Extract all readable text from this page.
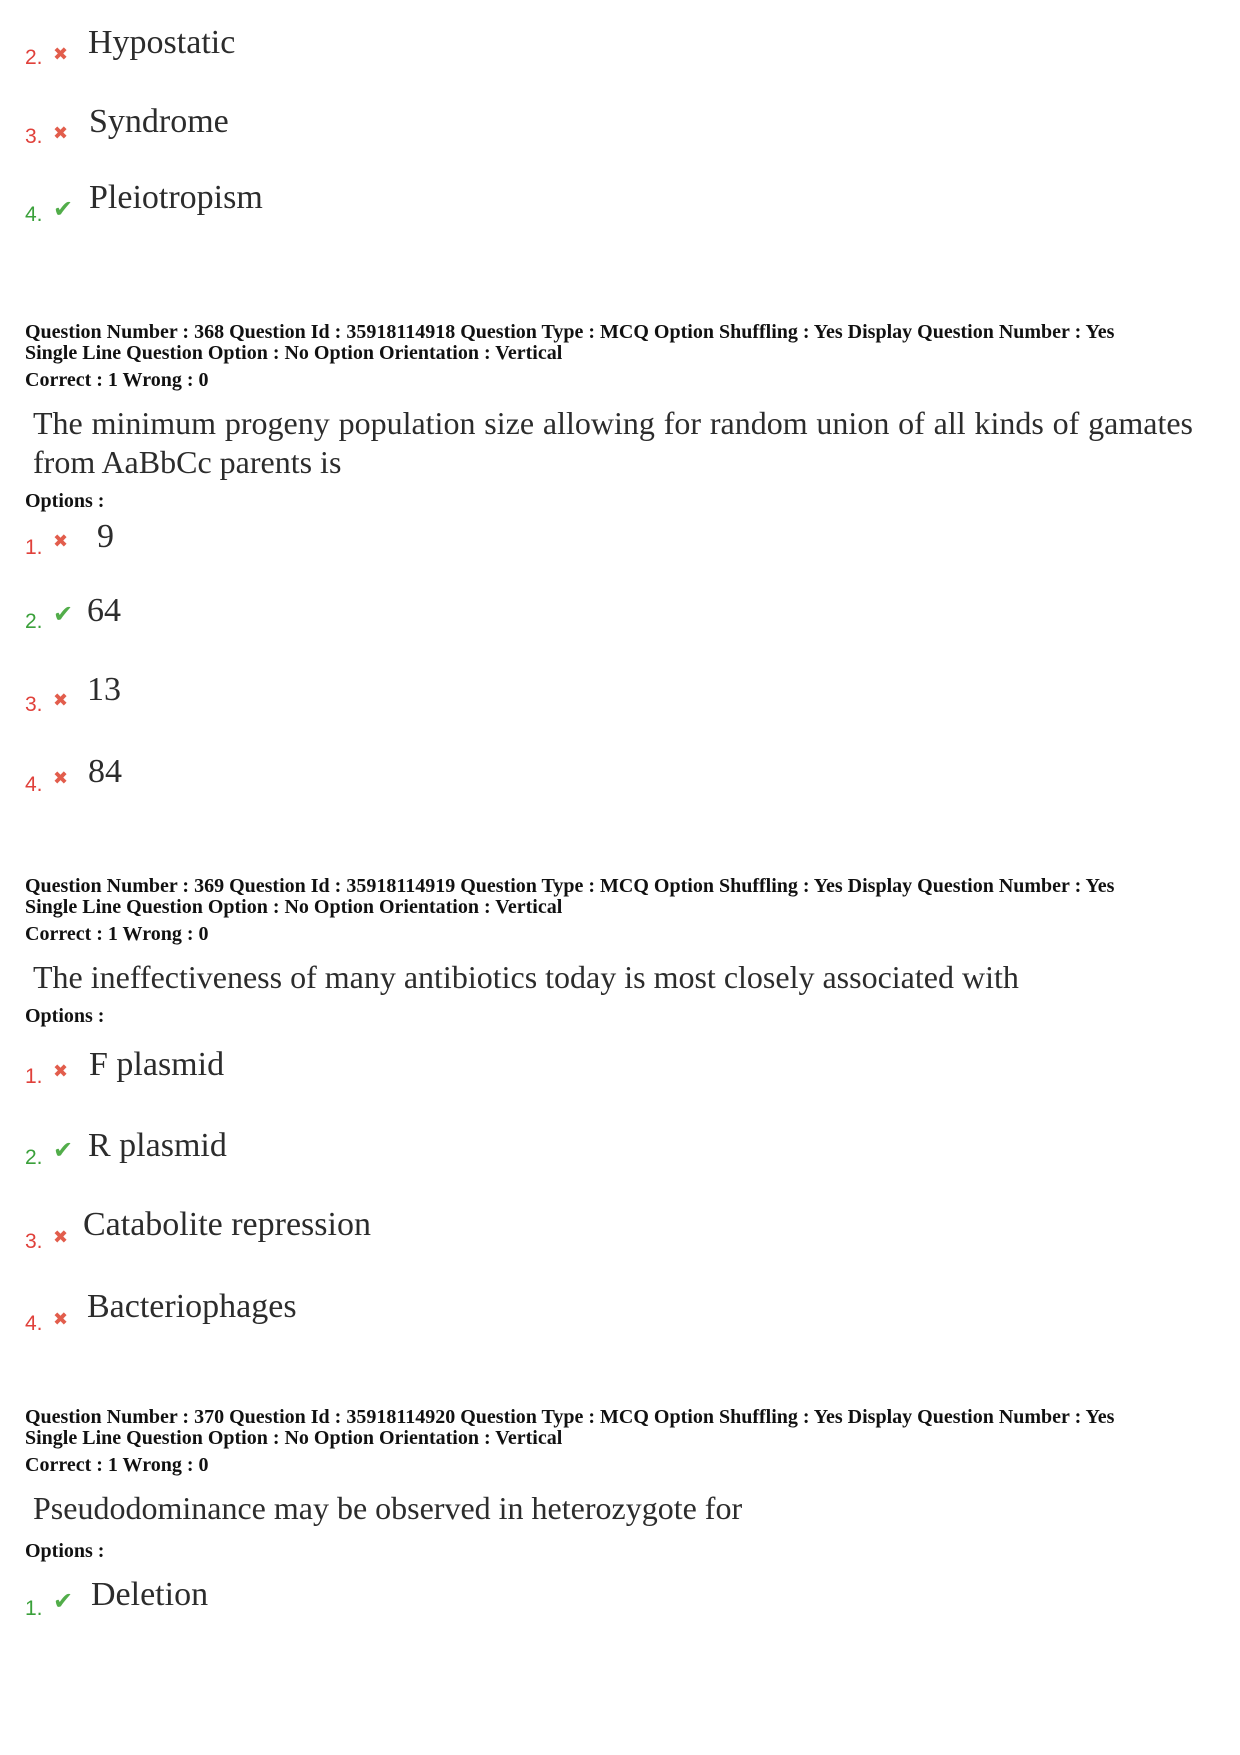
2. ✖ Hypostatic
3. ✖ Syndrome
4. ✔ Pleiotropism
Question Number : 368 Question Id : 35918114918 Question Type : MCQ Option Shuffling : Yes Display Question Number : Yes
Single Line Question Option : No Option Orientation : Vertical
Correct : 1 Wrong : 0
The minimum progeny population size allowing for random union of all kinds of gamates from AaBbCc parents is
Options :
1. ✖ 9
2. ✔ 64
3. ✖ 13
4. ✖ 84
Question Number : 369 Question Id : 35918114919 Question Type : MCQ Option Shuffling : Yes Display Question Number : Yes
Single Line Question Option : No Option Orientation : Vertical
Correct : 1 Wrong : 0
The ineffectiveness of many antibiotics today is most closely associated with
Options :
1. ✖ F plasmid
2. ✔ R plasmid
3. ✖ Catabolite repression
4. ✖ Bacteriophages
Question Number : 370 Question Id : 35918114920 Question Type : MCQ Option Shuffling : Yes Display Question Number : Yes
Single Line Question Option : No Option Orientation : Vertical
Correct : 1 Wrong : 0
Pseudodominance may be observed in heterozygote for
Options :
1. ✔ Deletion
